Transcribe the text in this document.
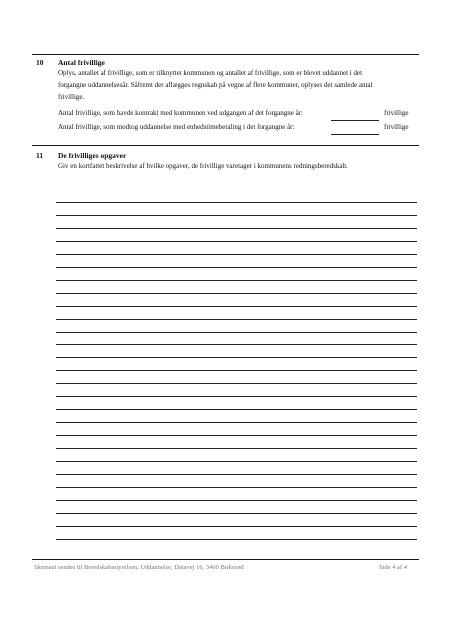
10 Antal frivillige
Oplys, antallet af frivillige, som er tilknyttet kommunen og antallet af frivillige, som er blevet uddannet i det
forgangne uddannelsesår. Såfremt der aflægges regnskab på vegne af flere kommuner, oplyses det samlede antal
frivillige.
Antal frivillige, som havde kontrakt med kommunen ved udgangen af det forgangne år:	frivillige
Antal frivillige, som modtog uddannelse med enhedstimebetaling i det forgangne år:	frivillige
11 De frivilliges opgaver
Giv en kortfattet beskrivelse af hvilke opgaver, de frivillige varetager i kommunens redningsberedskab.
Skemaet sendes til Beredskabsstyrelsen, Uddannelse, Datavej 16, 3460 Birkerød	Side 4 af 4
